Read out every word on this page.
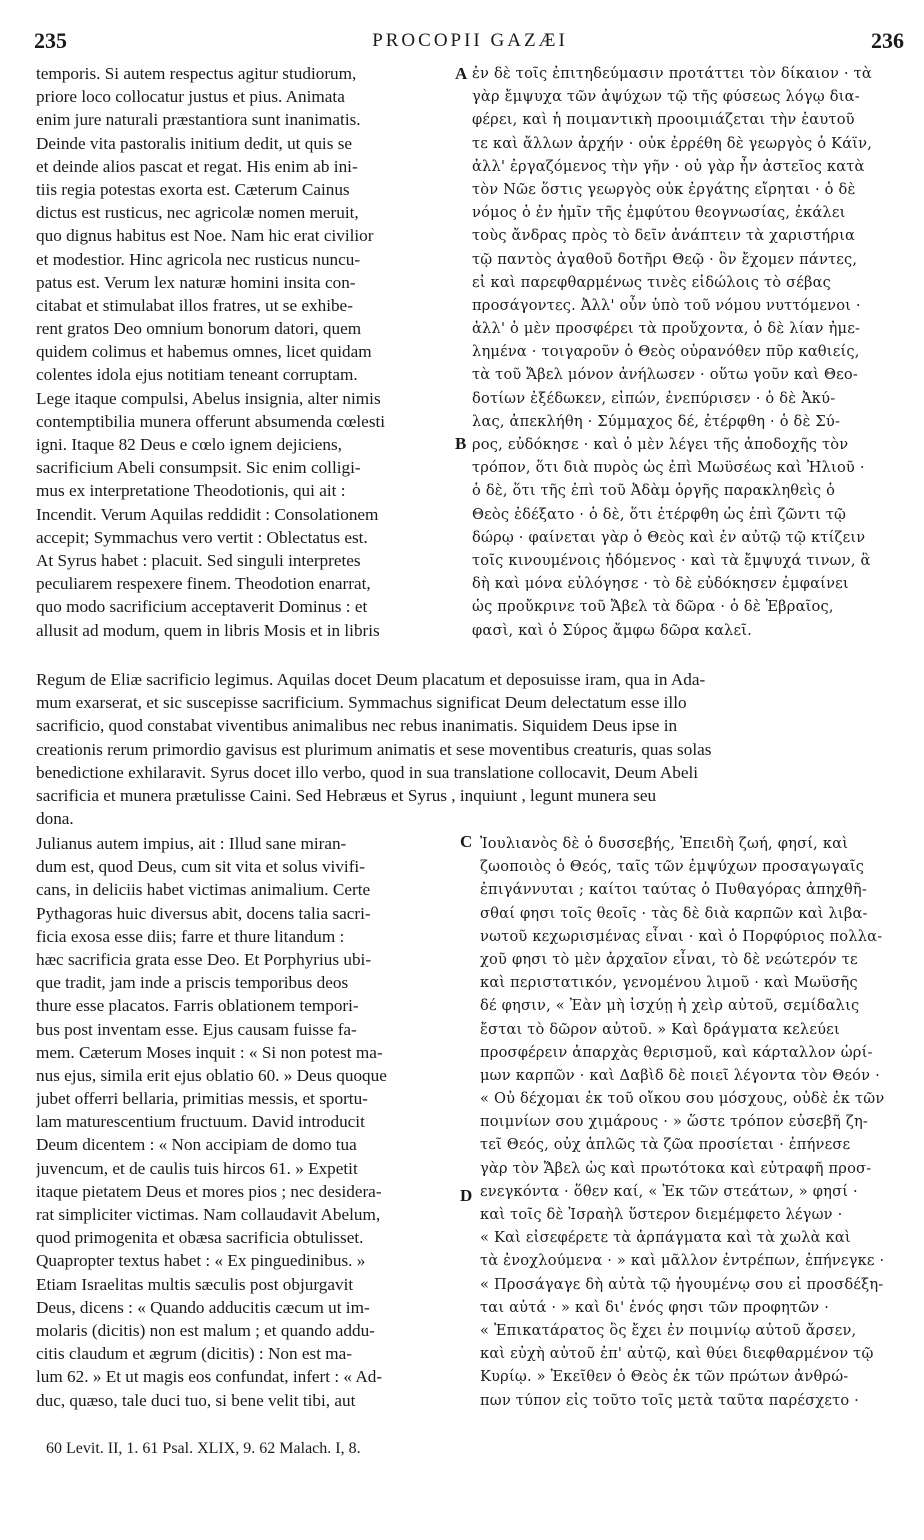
235	PROCOPII GAZÆI	236
A
B
C
D
temporis. Si autem respectus agitur studiorum,
priore loco collocatur justus et pius. Animata
enim jure naturali præstantiora sunt inanimatis.
Deinde vita pastoralis initium dedit, ut quis se
et deinde alios pascat et regat. His enim ab ini-
tiis regia potestas exorta est. Cæterum Cainus
dictus est rusticus, nec agricolæ nomen meruit,
quo dignus habitus est Noe. Nam hic erat civilior
et modestior. Hinc agricola nec rusticus nuncu-
patus est. Verum lex naturæ homini insita con-
citabat et stimulabat illos fratres, ut se exhibe-
rent gratos Deo omnium bonorum datori, quem
quidem colimus et habemus omnes, licet quidam
colentes idola ejus notitiam teneant corruptam.
Lege itaque compulsi, Abelus insignia, alter nimis
contemptibilia munera offerunt absumenda cœlesti
igni. Itaque 82 Deus e cœlo ignem dejiciens,
sacrificium Abeli consumpsit. Sic enim colligi-
mus ex interpretatione Theodotionis, qui ait :
Incendit. Verum Aquilas reddidit : Consolationem
accepit; Symmachus vero vertit : Oblectatus est.
At Syrus habet : placuit. Sed singuli interpretes
peculiarem respexere finem. Theodotion enarrat,
quo modo sacrificium acceptaverit Dominus : et
allusit ad modum, quem in libris Mosis et in libris
ἐν δὲ τοῖς ἐπιτηδεύμασιν προτάττει τὸν δίκαιον · τὰ
γὰρ ἔμψυχα τῶν ἀψύχων τῷ τῆς φύσεως λόγῳ δια-
φέρει, καὶ ἡ ποιμαντικὴ προοιμιάζεται τὴν ἑαυτοῦ
τε καὶ ἄλλων ἀρχήν · οὐκ ἐρρέθη δὲ γεωργὸς ὁ Κάϊν,
ἀλλ' ἐργαζόμενος τὴν γῆν · οὐ γὰρ ἦν ἀστεῖος κατὰ
τὸν Νῶε ὅστις γεωργὸς οὐκ ἐργάτης εἴρηται · ὁ δὲ
νόμος ὁ ἐν ἡμῖν τῆς ἐμφύτου θεογνωσίας, ἐκάλει
τοὺς ἄνδρας πρὸς τὸ δεῖν ἀνάπτειν τὰ χαριστήρια
τῷ παντὸς ἀγαθοῦ δοτῆρι Θεῷ · ὃν ἔχομεν πάντες,
εἰ καὶ παρεφθαρμένως τινὲς εἰδώλοις τὸ σέβας
προσάγοντες. Ἀλλ' οὖν ὑπὸ τοῦ νόμου νυττόμενοι ·
ἀλλ' ὁ μὲν προσφέρει τὰ προὔχοντα, ὁ δὲ λίαν ἠμε-
λημένα · τοιγαροῦν ὁ Θεὸς οὐρανόθεν πῦρ καθιείς,
τὰ τοῦ Ἄβελ μόνον ἀνήλωσεν · οὕτω γοῦν καὶ Θεο-
δοτίων ἐξέδωκεν, εἰπών, ἐνεπύρισεν · ὁ δὲ Ἀκύ-
λας, ἀπεκλήθη · Σύμμαχος δέ, ἐτέρφθη · ὁ δὲ Σύ-
ρος, εὐδόκησε · καὶ ὁ μὲν λέγει τῆς ἀποδοχῆς τὸν
τρόπον, ὅτι διὰ πυρὸς ὡς ἐπὶ Μωϋσέως καὶ Ἠλιοῦ ·
ὁ δὲ, ὅτι τῆς ἐπὶ τοῦ Ἀδὰμ ὀργῆς παρακληθεὶς ὁ
Θεὸς ἐδέξατο · ὁ δὲ, ὅτι ἐτέρφθη ὡς ἐπὶ ζῶντι τῷ
δώρῳ · φαίνεται γὰρ ὁ Θεὸς καὶ ἐν αὐτῷ τῷ κτίζειν
τοῖς κινουμένοις ἡδόμενος · καὶ τὰ ἔμψυχά τινων, ἃ
δὴ καὶ μόνα εὐλόγησε · τὸ δὲ εὐδόκησεν ἐμφαίνει
ὡς προὔκρινε τοῦ Ἄβελ τὰ δῶρα · ὁ δὲ Ἑβραῖος,
φασὶ, καὶ ὁ Σύρος ἄμφω δῶρα καλεῖ.
Regum de Eliæ sacrificio legimus. Aquilas docet Deum placatum et deposuisse iram, qua in Ada-
mum exarserat, et sic suscepisse sacrificium. Symmachus significat Deum delectatum esse illo
sacrificio, quod constabat viventibus animalibus nec rebus inanimatis. Siquidem Deus ipse in
creationis rerum primordio gavisus est plurimum animatis et sese moventibus creaturis, quas solas
benedictione exhilaravit. Syrus docet illo verbo, quod in sua translatione collocavit, Deum Abeli
sacrificia et munera prætulisse Caini. Sed Hebræus et Syrus , inquiunt , legunt munera seu
dona.
Julianus autem impius, ait : Illud sane miran-
dum est, quod Deus, cum sit vita et solus vivifi-
cans, in deliciis habet victimas animalium. Certe
Pythagoras huic diversus abit, docens talia sacri-
ficia exosa esse diis; farre et thure litandum :
hæc sacrificia grata esse Deo. Et Porphyrius ubi-
que tradit, jam inde a priscis temporibus deos
thure esse placatos. Farris oblationem tempori-
bus post inventam esse. Ejus causam fuisse fa-
mem. Cæterum Moses inquit : « Si non potest ma-
nus ejus, simila erit ejus oblatio 60. » Deus quoque
jubet offerri bellaria, primitias messis, et sportu-
lam maturescentium fructuum. David introducit
Deum dicentem : « Non accipiam de domo tua
juvencum, et de caulis tuis hircos 61. » Expetit
itaque pietatem Deus et mores pios ; nec desidera-
rat simpliciter victimas. Nam collaudavit Abelum,
quod primogenita et obæsa sacrificia obtulisset.
Quapropter textus habet : « Ex pinguedinibus. »
Etiam Israelitas multis sæculis post objurgavit
Deus, dicens : « Quando adducitis cæcum ut im-
molaris (dicitis) non est malum ; et quando addu-
citis claudum et ægrum (dicitis) : Non est ma-
lum 62. » Et ut magis eos confundat, infert : « Ad-
duc, quæso, tale duci tuo, si bene velit tibi, aut
Ἰουλιανὸς δὲ ὁ δυσσεβής, Ἐπειδὴ ζωή, φησί, καὶ
ζωοποιὸς ὁ Θεός, ταῖς τῶν ἐμψύχων προσαγωγαῖς
ἐπιγάννυται ; καίτοι ταύτας ὁ Πυθαγόρας ἀπηχθῆ-
σθαί φησι τοῖς θεοῖς · τὰς δὲ διὰ καρπῶν καὶ λιβα-
νωτοῦ κεχωρισμένας εἶναι · καὶ ὁ Πορφύριος πολλα-
χοῦ φησι τὸ μὲν ἀρχαῖον εἶναι, τὸ δὲ νεώτερόν τε
καὶ περιστατικόν, γενομένου λιμοῦ · καὶ Μωϋσῆς
δέ φησιν, « Ἐὰν μὴ ἰσχύῃ ἡ χεὶρ αὐτοῦ, σεμίδαλις
ἔσται τὸ δῶρον αὐτοῦ. » Καὶ δράγματα κελεύει
προσφέρειν ἀπαρχὰς θερισμοῦ, καὶ κάρταλλον ὡρί-
μων καρπῶν · καὶ Δαβὶδ δὲ ποιεῖ λέγοντα τὸν Θεόν ·
« Οὐ δέχομαι ἐκ τοῦ οἴκου σου μόσχους, οὐδὲ ἐκ τῶν
ποιμνίων σου χιμάρους · » ὥστε τρόπον εὐσεβῆ ζη-
τεῖ Θεός, οὐχ ἁπλῶς τὰ ζῶα προσίεται · ἐπήνεσε
γὰρ τὸν Ἄβελ ὡς καὶ πρωτότοκα καὶ εὐτραφῆ προσ-
ενεγκόντα · ὅθεν καί, « Ἐκ τῶν στεάτων, » φησί ·
καὶ τοῖς δὲ Ἰσραὴλ ὕστερον διεμέμφετο λέγων ·
« Καὶ εἰσεφέρετε τὰ ἁρπάγματα καὶ τὰ χωλὰ καὶ
τὰ ἐνοχλούμενα · » καὶ μᾶλλον ἐντρέπων, ἐπήνεγκε ·
« Προσάγαγε δὴ αὐτὰ τῷ ἡγουμένῳ σου εἰ προσδέξη-
ται αὐτά · » καὶ δι' ἑνός φησι τῶν προφητῶν ·
« Ἐπικατάρατος ὃς ἔχει ἐν ποιμνίῳ αὐτοῦ ἄρσεν,
καὶ εὐχὴ αὐτοῦ ἐπ' αὐτῷ, καὶ θύει διεφθαρμένον τῷ
Κυρίῳ. » Ἐκεῖθεν ὁ Θεὸς ἐκ τῶν πρώτων ἀνθρώ-
πων τύπον εἰς τοῦτο τοῖς μετὰ ταῦτα παρέσχετο ·
60 Levit. II, 1. 61 Psal. XLIX, 9. 62 Malach. I, 8.
